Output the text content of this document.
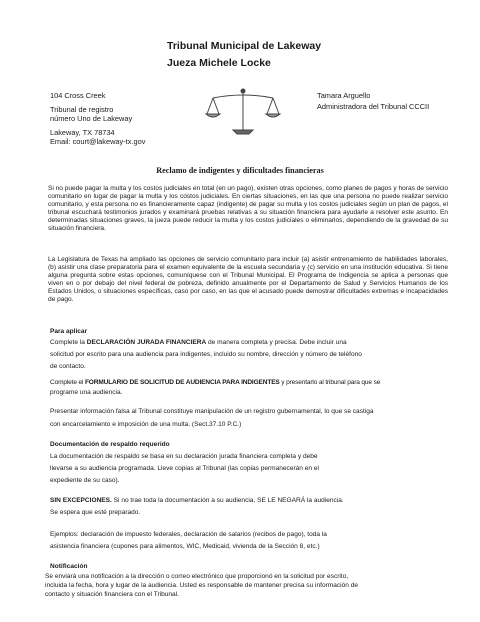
Tribunal Municipal de Lakeway
Jueza Michele Locke
104 Cross Creek
Tribunal de registro
número Uno de Lakeway
Lakeway, TX 78734
Email: court@lakeway-tx.gov
Tamara Arguello
Administradora del Tribunal CCCII
Reclamo de indigentes y dificultades financieras
Si no puede pagar la multa y los costos judiciales en total (en un pago), existen otras opciones, como planes de pagos y horas de servicio comunitario en lugar de pagar la multa y los costos judiciales. En ciertas situaciones, en las que una persona no puede realizar servicio comunitario, y esta persona no es financieramente capaz (indigente) de pagar su multa y los costos judiciales según un plan de pagos, el tribunal escuchará testimonios jurados y examinará pruebas relativas a su situación financiera para ayudarle a resolver este asunto. En determinadas situaciones graves, la jueza puede reducir la multa y los costos judiciales o eliminarlos, dependiendo de la gravedad de su situación financiera.
La Legislatura de Texas ha ampliado las opciones de servicio comunitario para incluir (a) asistir entrenamiento de habilidades laborales, (b) asistir una clase preparatoria para el examen equivalente de la escuela secundaria y (c) servicio en una institución educativa. Si tiene alguna pregunta sobre estas opciones, comuníquese con el Tribunal Municipal. El Programa de Indigencia se aplica a personas que viven en o por debajo del nivel federal de pobreza, definido anualmente por el Departamento de Salud y Servicios Humanos de los Estados Unidos, o situaciones específicas, caso por caso, en las que el acusado puede demostrar dificultades extremas e incapacidades de pago.
Para aplicar
Complete la DECLARACIÓN JURADA FINANCIERA de manera completa y precisa. Debe incluir una
solicitud por escrito para una audiencia para indigentes, incluido su nombre, dirección y número de teléfono
de contacto.
Complete el FORMULARIO DE SOLICITUD DE AUDIENCIA PARA INDIGENTES y presentarlo al tribunal para que se
programe una audiencia.
Presentar información falsa al Tribunal constituye manipulación de un registro gubernamental, lo que se castiga
con encarcelamiento e imposición de una multa. (Sect.37.10 P.C.)
Documentación de respaldo requerido
La documentación de respaldo se basa en su declaración jurada financiera completa y debe
llevarse a su audiencia programada. Lleve copias al Tribunal (las copias permanecerán en el
expediente de su caso).
SIN EXCEPCIONES. Si no trae toda la documentación a su audiencia, SE LE NEGARÁ la audiencia.
Se espera que esté preparado.
Ejemplos: declaración de impuesto federales, declaración de salarios (recibos de pago), toda la
asistencia financiera (cupones para alimentos, WIC, Medicaid, vivienda de la Sección 8, etc.)
Notificación
Se enviará una notificación a la dirección o correo electrónico que proporcionó en la solicitud por escrito,
incluida la fecha, hora y lugar de la audiencia. Usted es responsable de mantener precisa su información de
contacto y situación financiera con el Tribunal.
